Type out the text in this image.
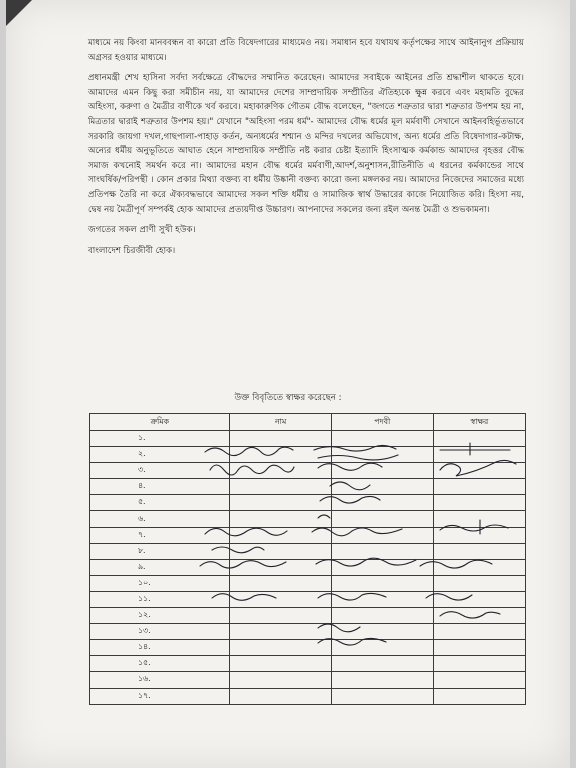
মাধ্যমে নয় কিংবা মানববন্ধন বা কারো প্রতি বিষেদগারের মাধ্যমেও নয়। সমাধান হবে যথাযথ কর্তৃপক্ষের সাথে আইনানুগ প্রক্রিয়ায় অগ্রসর হওয়ার মাধ্যমে।

প্রধানমন্ত্রী শেখ হাসিনা সর্বদা সর্বক্ষেত্রে বৌদ্ধদের সম্মানিত করেছেন। আমাদের সবাইকে আইনের প্রতি শ্রদ্ধাশীল থাকতে হবে। আমাদের এমন কিছু করা সমীচীন নয়, যা আমাদের দেশের সাম্প্রদায়িক সম্প্রীতির ঐতিহ্যকে ক্ষুন্ন করবে এবং মহামতি বুদ্ধের অহিংসা, করুণা ও মৈত্রীর বাণীকে খর্ব করবে। মহাকারুণিক গৌতম বৌদ্ধ বলেছেন, "জগতে শত্রুতার দ্বারা শত্রুতার উপশম হয় না, মিত্রতার দ্বারাই শত্রুতার উপশম হয়।" যেখানে "অহিংসা পরম ধর্ম"- আমাদের বৌদ্ধ ধর্মের মূল মর্মবাণী সেখানে আইনবহির্ভূতভাবে সরকারি জায়গা দখল,গাছপালা-পাহাড় কর্তন, অন্যধর্মের শশ্মান ও মন্দির দখলের অভিযোগ, অন্য ধর্মের প্রতি বিষেদাগার-কটাক্ষ, অন্যের ধর্মীয় অনুভূতিতে আঘাত হেনে সাম্প্রদায়িক সম্প্রীতি নষ্ট করার চেষ্টা ইত্যাদি হিংসাত্মক কর্মকান্ড আমাদের বৃহত্তর বৌদ্ধ সমাজ কখনোই সমর্থন করে না। আমাদের মহান বৌদ্ধ ধর্মের মর্মবাণী,আদর্শ,অনুশাসন,রীতিনীতি এ ধরনের কর্মকান্ডের সাথে সাংঘর্ষিক/পরিপন্থী । কোন প্রকার মিথ্যা বক্তব্য বা ধর্মীয় উষ্কানী বক্তব্য কারো জন্য মঙ্গলকর নয়। আমাদের নিজেদের সমাজের মধ্যে প্রতিপক্ষ তৈরি না করে ঐক্যবদ্ধভাবে আমাদের সকল শক্তি ধর্মীয় ও সামাজিক স্বার্থ উদ্ধারের কাজে নিয়োজিত করি। হিংসা নয়, দ্বেষ নয় মৈত্রীপূর্ণ সম্পর্কই হোক আমাদের প্রত্যয়দীপ্ত উচ্চারণ। আপনাদের সকলের জন্য রইল অনন্ত মৈত্রী ও শুভকামনা।

জগতের সকল প্রাণী সুখী হউক।

বাংলাদেশ চিরজীবী হোক।

উক্ত বিবৃতিতে স্বাক্ষর করেছেন :
ক্রমিক	নাম	পদবী	স্বাক্ষর
১.			
২.			
৩.			
৪.			
৫.			
৬.			
৭.			
৮.			
৯.			
১০.			
১১.			
১২.			
১৩.			
১৪.			
১৫.			
১৬.			
১৭.			
